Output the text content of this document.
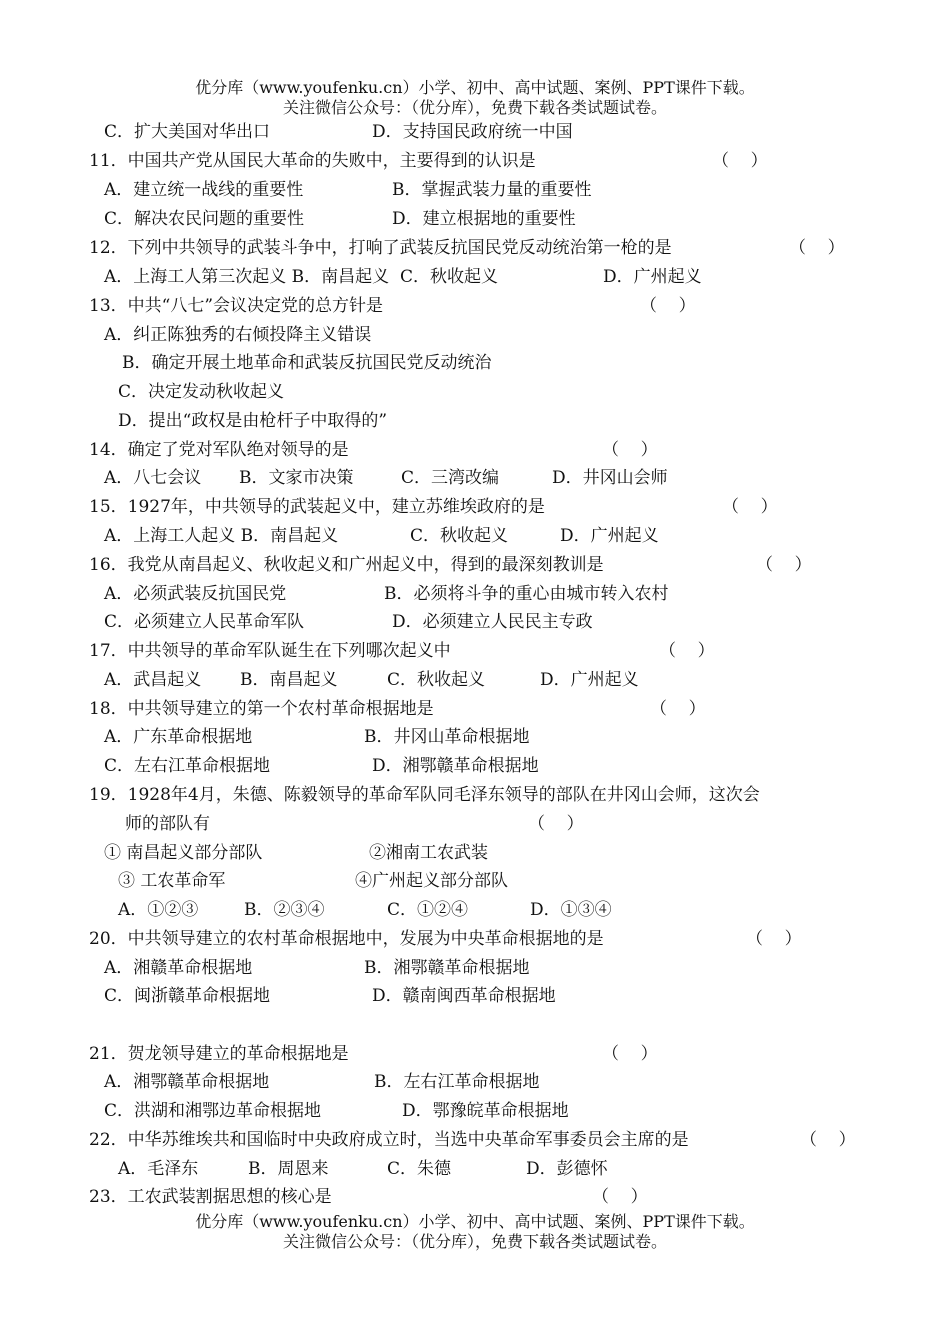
优分库（www.youfenku.cn）小学、初中、高中试题、案例、PPT课件下载。
关注微信公众号：（优分库），免费下载各类试题试卷。
C．扩大美国对华出口	D．支持国民政府统一中国
11．中国共产党从国民大革命的失败中，主要得到的认识是	（    ）
A．建立统一战线的重要性	B．掌握武装力量的重要性
C．解决农民问题的重要性	D．建立根据地的重要性
12．下列中共领导的武装斗争中，打响了武装反抗国民党反动统治第一枪的是	（    ）
A．上海工人第三次起义 B．南昌起义  C．秋收起义	D．广州起义
13．中共“八七”会议决定党的总方针是	（    ）
A．纠正陈独秀的右倾投降主义错误
B．确定开展土地革命和武装反抗国民党反动统治
C．决定发动秋收起义
D．提出“政权是由枪杆子中取得的”
14．确定了党对军队绝对领导的是	（    ）
A．八七会议 B．文家市决策	C．三湾改编	D．井冈山会师
15．1927年，中共领导的武装起义中，建立苏维埃政府的是	（    ）
A．上海工人起义 B．南昌起义	C．秋收起义	D．广州起义
16．我党从南昌起义、秋收起义和广州起义中，得到的最深刻教训是	（    ）
A．必须武装反抗国民党	B．必须将斗争的重心由城市转入农村
C．必须建立人民革命军队	D．必须建立人民民主专政
17．中共领导的革命军队诞生在下列哪次起义中	（    ）
A．武昌起义 B．南昌起义	C．秋收起义	D．广州起义
18．中共领导建立的第一个农村革命根据地是	（    ）
A．广东革命根据地	B．井冈山革命根据地
C．左右江革命根据地	D．湘鄂赣革命根据地
19．1928年4月，朱德、陈毅领导的革命军队同毛泽东领导的部队在井冈山会师，这次会
师的部队有	（    ）
① 南昌起义部分部队	②湘南工农武装
③ 工农革命军	④广州起义部分部队
A．①②③	B．②③④	C．①②④	D．①③④
20．中共领导建立的农村革命根据地中，发展为中央革命根据地的是	（    ）
A．湘赣革命根据地	B．湘鄂赣革命根据地
C．闽浙赣革命根据地	D．赣南闽西革命根据地
21．贺龙领导建立的革命根据地是	（    ）
A．湘鄂赣革命根据地	B．左右江革命根据地
C．洪湖和湘鄂边革命根据地	D．鄂豫皖革命根据地
22．中华苏维埃共和国临时中央政府成立时，当选中央革命军事委员会主席的是	（    ）
A．毛泽东	B．周恩来	C．朱德	D．彭德怀
23．工农武装割据思想的核心是	（    ）
优分库（www.youfenku.cn）小学、初中、高中试题、案例、PPT课件下载。
关注微信公众号：（优分库），免费下载各类试题试卷。
